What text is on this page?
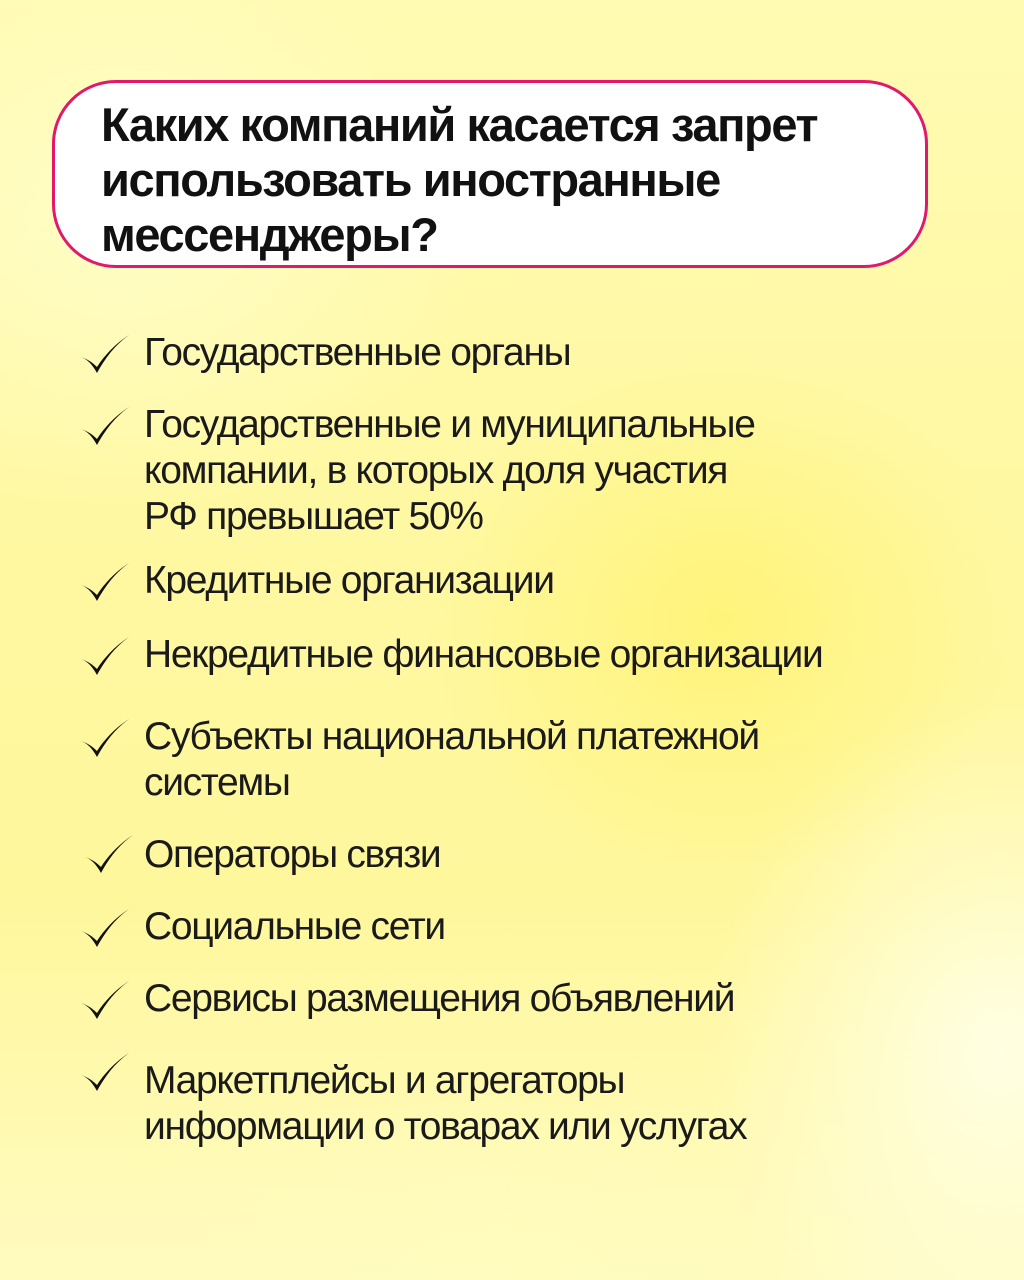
Каких компаний касается запрет использовать иностранные мессенджеры?
Государственные органы
Государственные и муниципальные
компании, в которых доля участия
РФ превышает 50%
Кредитные организации
Некредитные финансовые организации
Субъекты национальной платежной
системы
Операторы связи
Социальные сети
Сервисы размещения объявлений
Маркетплейсы и агрегаторы
информации о товарах или услугах
